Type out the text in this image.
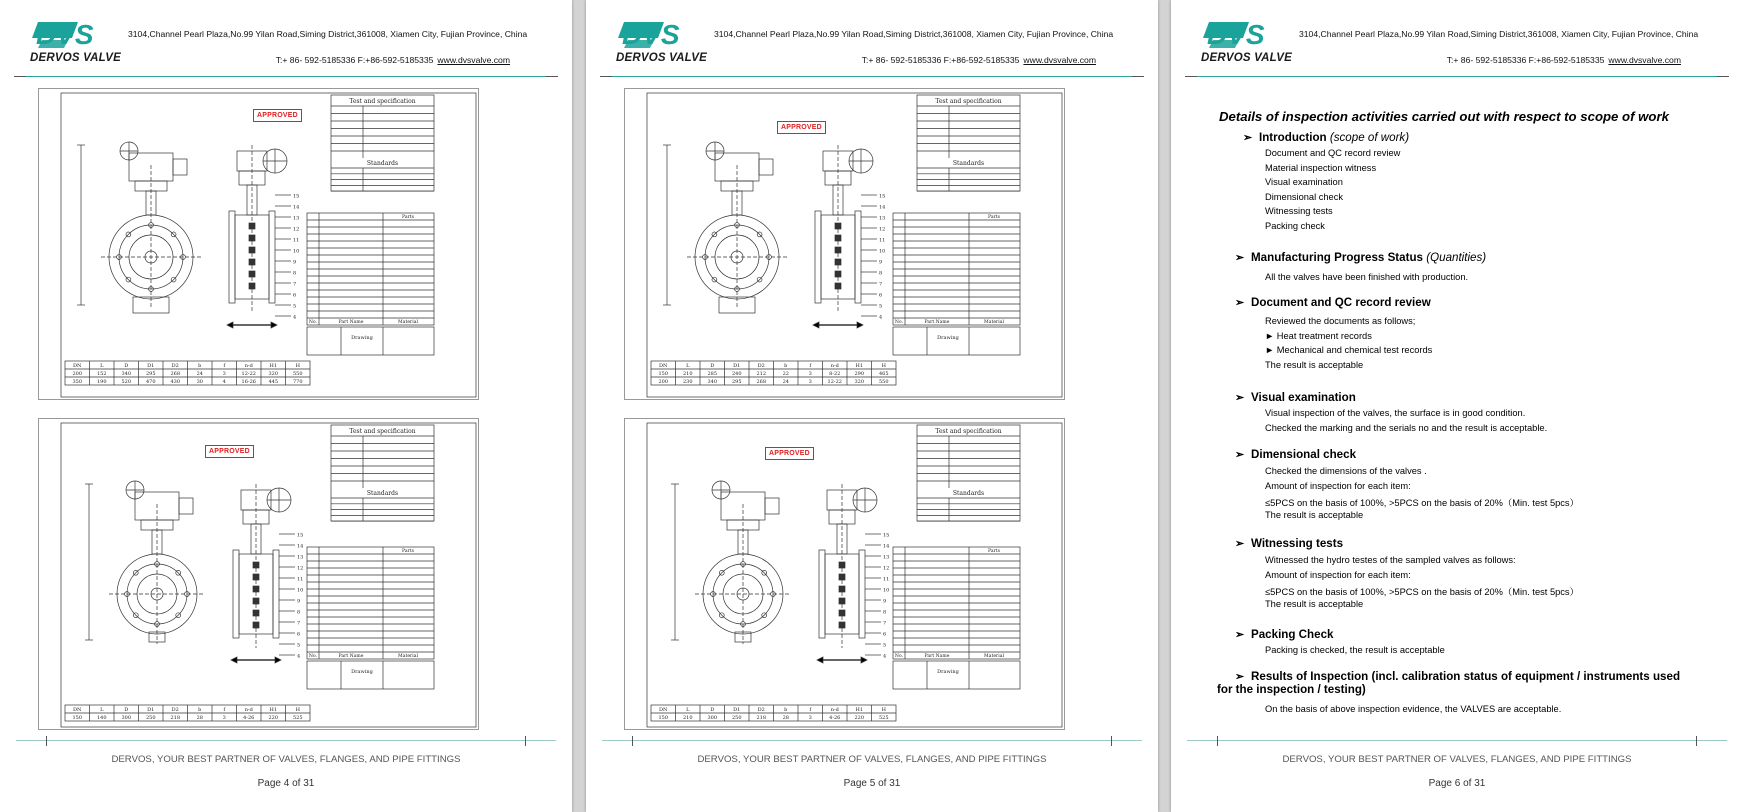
DVS
DERVOS VALVE
3104,Channel Pearl Plaza,No.99 Yilan Road,Siming District,361008, Xiamen City, Fujian Province, China
T:+ 86- 592-5185336 F:+86-592-5185335 www.dvsvalve.com
APPROVED
15
14
13
12
11
10
9
8
7
6
5
4
Test and specification
Standards
Parts
No.	Part Name	Material
Drawing
DN	L	D	D1	D2	b	f	n-d	H1	H
200	152	340	295	268	24	3	12-22	320	550
350	190	520	470	430	30	4	16-26	445	770
APPROVED
15
14
13
12
11
10
9
8
7
6
5
4
Test and specification
Standards
Parts
No.	Part Name	Material
Drawing
DN	L	D	D1	D2	b	f	n-d	H1	H
150	140	300	250	218	28	3	4-26	220	525
DERVOS, YOUR BEST PARTNER OF VALVES, FLANGES, AND PIPE FITTINGS
Page 4 of 31
DVS
DERVOS VALVE
3104,Channel Pearl Plaza,No.99 Yilan Road,Siming District,361008, Xiamen City, Fujian Province, China
T:+ 86- 592-5185336 F:+86-592-5185335 www.dvsvalve.com
APPROVED
15
14
13
12
11
10
9
8
7
6
5
4
Test and specification
Standards
Parts
No.	Part Name	Material
Drawing
DN	L	D	D1	D2	b	f	n-d	H1	H
150	210	285	240	212	22	3	8-22	290	465
200	230	340	295	268	24	3	12-22	320	550
APPROVED
15
14
13
12
11
10
9
8
7
6
5
4
Test and specification
Standards
Parts
No.	Part Name	Material
Drawing
DN	L	D	D1	D2	b	f	n-d	H1	H
150	210	300	250	218	28	3	4-26	220	525
DERVOS, YOUR BEST PARTNER OF VALVES, FLANGES, AND PIPE FITTINGS
Page 5 of 31
DVS
DERVOS VALVE
3104,Channel Pearl Plaza,No.99 Yilan Road,Siming District,361008, Xiamen City, Fujian Province, China
T:+ 86- 592-5185336 F:+86-592-5185335 www.dvsvalve.com
Details of inspection activities carried out with respect to scope of work
➢ Introduction (scope of work)
Document and QC record review
Material inspection witness
Visual examination
Dimensional check
Witnessing tests
Packing check
➢ Manufacturing Progress Status (Quantities)
All the valves have been finished with production.
➢ Document and QC record review
Reviewed the documents as follows;
► Heat treatment records
► Mechanical and chemical test records
The result is acceptable
➢ Visual examination
Visual inspection of the valves, the surface is in good condition.
Checked the marking and the serials no and the result is acceptable.
➢ Dimensional check
Checked the dimensions of the valves .
Amount of inspection for each item:
≤5PCS on the basis of 100%, >5PCS on the basis of 20%（Min. test 5pcs）
The result is acceptable
➢ Witnessing tests
Witnessed the hydro testes of the sampled valves as follows:
Amount of inspection for each item:
≤5PCS on the basis of 100%, >5PCS on the basis of 20%（Min. test 5pcs）
The result is acceptable
➢ Packing Check
Packing is checked, the result is acceptable
➢ Results of Inspection (incl. calibration status of equipment / instruments used
for the inspection / testing)
On the basis of above inspection evidence, the VALVES are acceptable.
DERVOS, YOUR BEST PARTNER OF VALVES, FLANGES, AND PIPE FITTINGS
Page 6 of 31
